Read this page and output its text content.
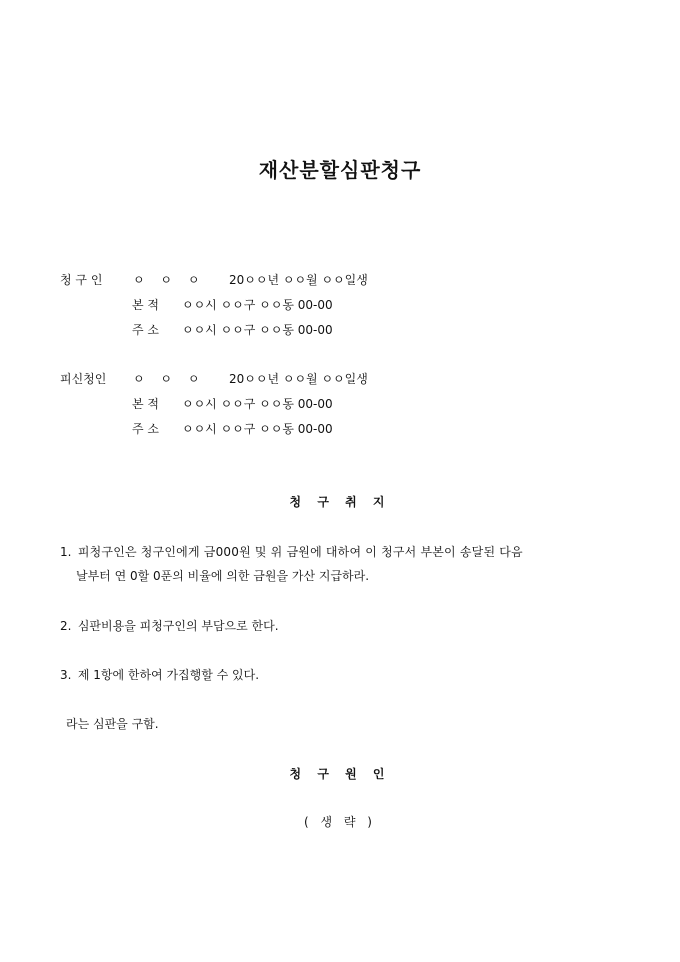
재산분할심판청구
청 구 인	ㅇ ㅇ ㅇ 20ㅇㅇ년 ㅇㅇ월 ㅇㅇ일생
본 적 ㅇㅇ시 ㅇㅇ구 ㅇㅇ동 00-00
주 소 ㅇㅇ시 ㅇㅇ구 ㅇㅇ동 00-00
피신청인 ㅇ ㅇ ㅇ 20ㅇㅇ년 ㅇㅇ월 ㅇㅇ일생
본 적 ㅇㅇ시 ㅇㅇ구 ㅇㅇ동 00-00
주 소 ㅇㅇ시 ㅇㅇ구 ㅇㅇ동 00-00
청 구 취 지
1. 피청구인은 청구인에게 금000원 및 위 금원에 대하여 이 청구서 부본이 송달된 다음
날부터 연 0할 0푼의 비율에 의한 금원을 가산 지급하라.
2. 심판비용을 피청구인의 부담으로 한다.
3. 제 1항에 한하여 가집행할 수 있다.
라는 심판을 구함.
청 구 원 인
( 생 략 )
